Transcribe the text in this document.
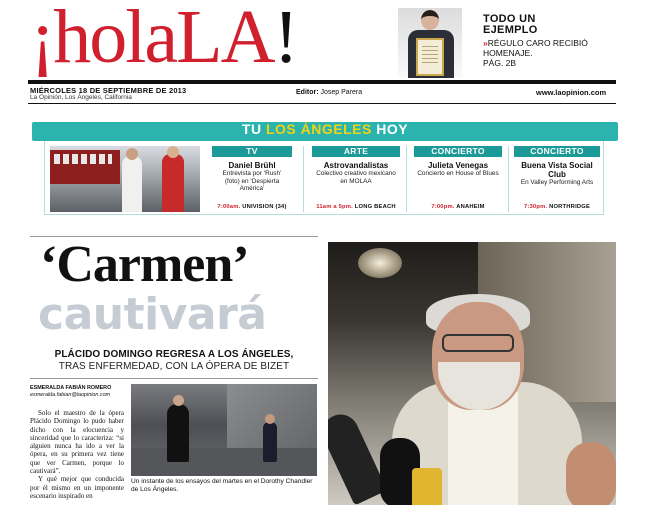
¡holaLA!	TODO UN EJEMPLO
»RÉGULO CARO RECIBIÓ HOMENAJE.
PÁG. 2B
MIÉRCOLES 18 DE SEPTIEMBRE DE 2013
La Opinión, Los Ángeles, California
Editor: Josep Parera	www.laopinion.com
TU LOS ÁNGELES HOY
TV
Daniel Brühl
Entrevista por ‘Rush’ (foto) en ‘Despierta América’
7:00am. UNIVISION (34)
ARTE
Astrovandalistas
Colectivo creativo mexicano en MOLAA
11am a 5pm. LONG BEACH
CONCIERTO
Julieta Venegas
Concierto en House of Blues
7:00pm. ANAHEIM
CONCIERTO
Buena Vista Social Club
En Valley Performing Arts
7:30pm. NORTHRIDGE
‘Carmen’
cautivará
PLÁCIDO DOMINGO REGRESA A LOS ÁNGELES,
TRAS ENFERMEDAD, CON LA ÓPERA DE BIZET
ESMERALDA FABIÁN ROMERO
esmeralda.fabian@laopinion.com

Solo el maestro de la ópera Plácido Domingo lo pudo haber dicho con la elocuencia y sinceridad que lo caracteriza: “si alguien nunca ha ido a ver la ópera, en su primera vez tiene que ver Carmen, porque lo cautivará”.

Y qué mejor que conducida por él mismo en un imponente escenario inspirado en

Un instante de los ensayos del martes en el Dorothy Chandler de Los Ángeles.
